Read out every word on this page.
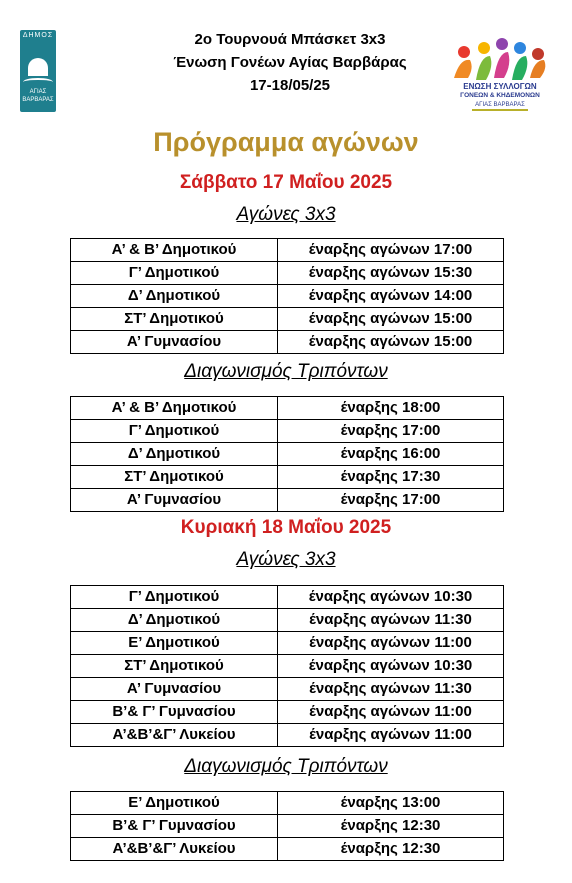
ΔΗΜΟΣ
ΑΓΙΑΣ
ΒΑΡΒΑΡΑΣ
2ο Τουρνουά Μπάσκετ 3x3
Ένωση Γονέων Αγίας Βαρβάρας
17-18/05/25	ΕΝΩΣΗ ΣΥΛΛΟΓΩΝ
ΓΟΝΕΩΝ & ΚΗΔΕΜΟΝΩΝ
ΑΓΙΑΣ ΒΑΡΒΑΡΑΣ
Πρόγραμμα αγώνων
Σάββατο 17 Μαΐου 2025
Αγώνες 3x3
Α’ & Β’ Δημοτικού	έναρξης αγώνων 17:00
Γ’ Δημοτικού	έναρξης αγώνων 15:30
Δ’ Δημοτικού	έναρξης αγώνων 14:00
ΣΤ’ Δημοτικού	έναρξης αγώνων 15:00
Α’ Γυμνασίου	έναρξης αγώνων 15:00
Διαγωνισμός Τριπόντων
Α’ & Β’ Δημοτικού	έναρξης 18:00
Γ’ Δημοτικού	έναρξης 17:00
Δ’ Δημοτικού	έναρξης 16:00
ΣΤ’ Δημοτικού	έναρξης 17:30
Α’ Γυμνασίου	έναρξης 17:00
Κυριακή 18 Μαΐου 2025
Αγώνες 3x3
Γ’ Δημοτικού	έναρξης αγώνων 10:30
Δ’ Δημοτικού	έναρξης αγώνων 11:30
Ε’ Δημοτικού	έναρξης αγώνων 11:00
ΣΤ’ Δημοτικού	έναρξης αγώνων 10:30
Α’ Γυμνασίου	έναρξης αγώνων 11:30
Β’& Γ’ Γυμνασίου	έναρξης αγώνων 11:00
Α’&Β’&Γ’ Λυκείου	έναρξης αγώνων 11:00
Διαγωνισμός Τριπόντων
Ε’ Δημοτικού	έναρξης 13:00
Β’& Γ’ Γυμνασίου	έναρξης 12:30
Α’&Β’&Γ’ Λυκείου	έναρξης 12:30
